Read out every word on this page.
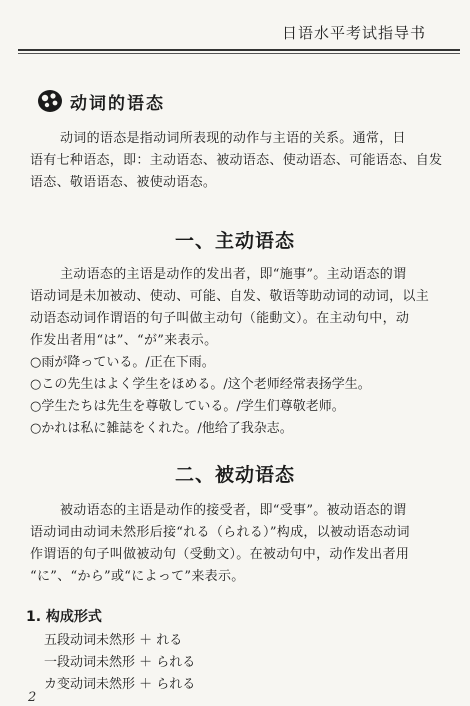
日语水平考试指导书
动词的语态

动词的语态是指动词所表现的动作与主语的关系。通常，日
语有七种语态，即：主动语态、被动语态、使动语态、可能语态、自发
语态、敬语语态、被使动语态。

一、主动语态

主动语态的主语是动作的发出者，即“施事”。主动语态的谓
语动词是未加被动、使动、可能、自发、敬语等助动词的动词，以主
动语态动词作谓语的句子叫做主动句（能動文）。在主动句中，动
作发出者用“は”、“が”来表示。

○雨が降っている。/正在下雨。
○この先生はよく学生をほめる。/这个老师经常表扬学生。
○学生たちは先生を尊敬している。/学生们尊敬老师。
○かれは私に雑誌をくれた。/他给了我杂志。
二、被动语态

被动语态的主语是动作的接受者，即“受事”。被动语态的谓
语动词由动词未然形后接“れる（られる）”构成，以被动语态动词
作谓语的句子叫做被动句（受動文）。在被动句中，动作发出者用
“に”、“から”或“によって”来表示。

1. 构成形式
五段动词未然形 ＋ れる
一段动词未然形 ＋ られる
カ变动词未然形 ＋ られる
2
